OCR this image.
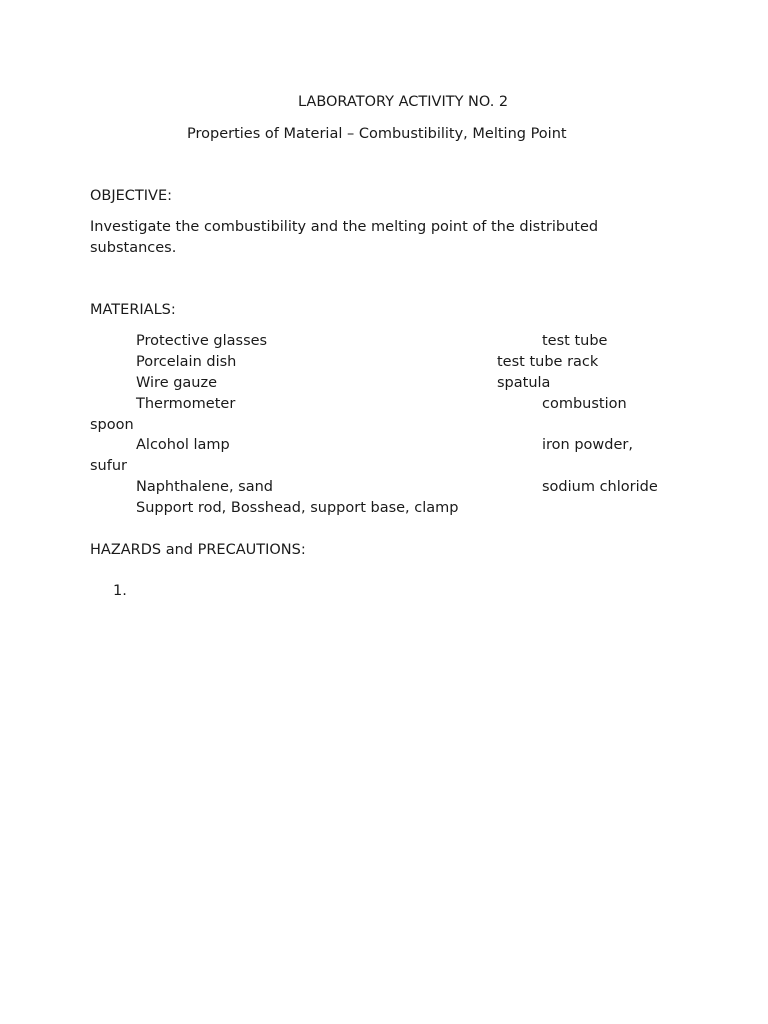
LABORATORY ACTIVITY NO. 2

Properties of Material – Combustibility, Melting Point

OBJECTIVE:

Investigate the combustibility and the melting point of the distributed

substances.

MATERIALS:

Protective glasses	test tube

Porcelain dish	test tube rack

Wire gauze	spatula

Thermometer	combustion

spoon

Alcohol lamp	iron powder,

sufur

Naphthalene, sand	sodium chloride

Support rod, Bosshead, support base, clamp

HAZARDS and PRECAUTIONS:

1.
